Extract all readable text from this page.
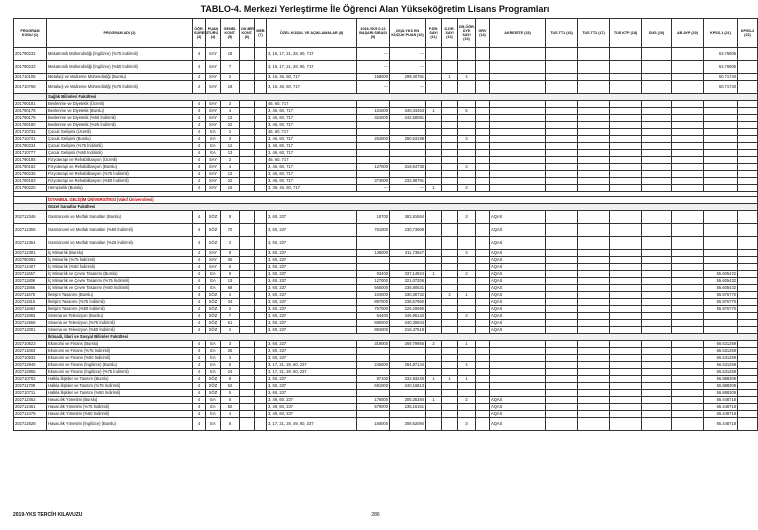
TABLO-4. Merkezi Yerleştirme İle Öğrenci Alan Yükseköğretim Lisans Programları
PROGRAM KODU (1)	PROGRAM ADI (2)	ÖĞR. SÜRESİ (3)	PUAN TÜRÜ (4)	GENEL KONT. (5)	OK.BİR. KONT. (6)	MEB (7)	ÖZEL KOŞUL VE AÇIKLAMALAR (8)	2018-YKS 0,12 BAŞARI SIRASI (9)	2018-YKS EN KÜÇÜK PUAN (10)	P.DR. SAYI (11)	D.DR. SAYI (12)	DR.ÖĞR. ÜYE SAYI (13)	GRV (14)	AKREDİTE (15)	TUS TT1 (16)	TUS TT2 (17)	TUS KTP (18)	DUS (19)	AB AYP (20)	KPSS-1 (21)	KPSS-2 (22)
201790232	Mekatronik Mühendisliği (İngilizce) (%75 İndirimli)	4	SAY	18			3, 16, 17, 21, 28, 60, 717	---	---											63.76805	
201790233	Mekatronik Mühendisliği (İngilizce) (%50 İndirimli)	4	SAY	7			3, 16, 17, 21, 28, 60, 717	---	---											63.76805	
201710105	Metalurji ve Malzeme Mühendisliği (Burslu)	4	SAY	2			3, 16, 46, 60, 717	158000	299,40781		1	4								60.71740	
201710768	Metalurji ve Malzeme Mühendisliği (%75 İndirimli)	4	SAY	18			3, 16, 46, 60, 717	---	---											60.71740	
	Sağlık Bilimleri Fakültesi																				
201790181	Beslenme ve Diyetetik (Ücretli)	4	SAY	2			46, 60, 717														
201790178	Beslenme ve Diyetetik (Burslu)	4	SAY	4			3, 46, 60, 717	101000	340,34453	1		5									
201790179	Beslenme ve Diyetetik (%50 İndirimli)	4	SAY	12			3, 46, 60, 717	324000	242,50081												
201790180	Beslenme ve Diyetetik (%25 İndirimli)	4	SAY	22			3, 46, 60, 717														
201710732	Çocuk Gelişimi (Ücretli)	4	EA	2			46, 60, 717														
201710741	Çocuk Gelişimi (Burslu)	4	EA	3			3, 46, 60, 717	264000	280,63198			3									
201790234	Çocuk Gelişimi (%75 İndirimli)	4	EA	12			3, 46, 60, 717														
201710777	Çocuk Gelişimi (%50 İndirimli)	4	EA	13			3, 46, 60, 717														
201790185	Fizyoterapi ve Rehabilitasyon (Ücretli)	4	SAY	2			46, 60, 717														
201790182	Fizyoterapi ve Rehabilitasyon (Burslu)	4	SAY	4			3, 46, 60, 717	127000	319,64730			3									
201790235	Fizyoterapi ve Rehabilitasyon (%75 İndirimli)	4	SAY	12			3, 46, 60, 717														
201790183	Fizyoterapi ve Rehabilitasyon (%50 İndirimli)	4	SAY	22			3, 46, 60, 717	373000	232,98791												
201790220	Hemşirelik (Burslu)	4	SAY	15			3, 38, 46, 60, 717	---	---	1		3									

	İSTANBUL GELİŞİM ÜNİVERSİTESİ (Vakıf Üniversitesi)																				
	Güzel Sanatlar Fakültesi																				
202712346	Gastronomi ve Mutfak Sanatları (Burslu)	4	SÖZ	8			3, 60, 237	18700	382,81864			3		AQAS							
202712355	Gastronomi ve Mutfak Sanatları (%50 İndirimli)	4	SÖZ	70			3, 60, 237	781000	230,73908					AQAS							
202712364	Gastronomi ve Mutfak Sanatları (%25 İndirimli)	4	SÖZ	2			3, 60, 237							AQAS							
202712391	İç Mimarlık (Burslu)	4	SAY	8			3, 60, 237	138000	311,73547			3		AQAS							
202790392	İç Mimarlık (%75 İndirimli)	4	SAY	30			3, 60, 237							AQAS							
202712407	İç Mimarlık (%50 İndirimli)	4	SAY	6			3, 60, 237							AQAS							
202711657	İç Mimarlık ve Çevre Tasarımı (Burslu)	4	EA	9			3, 60, 237	93400	337,14924	1		2		AQAS						55.605432	
202711806	İç Mimarlık ve Çevre Tasarımı (%75 İndirimli)	4	EA	13			3, 60, 237	127000	321,07206					AQAS						55.605432	
202711666	İç Mimarlık ve Çevre Tasarımı (%50 İndirimli)	4	EA	68			3, 60, 237	565000	236,80531					AQAS						55.605432	
202711675	İletişim Tasarımı (Burslu)	4	SÖZ	4			3, 60, 237	104000	330,36732		2	1		AQAS						55.976770	
202711815	İletişim Tasarımı (%75 İndirimli)	4	SÖZ	34			3, 60, 237	897000	238,67960					AQAS						55.976770	
202711684	İletişim Tasarımı (%50 İndirimli)	4	SÖZ	2			3, 60, 237	757000	229,20690					AQAS						55.976770	
202711993	Sinema ve Televizyon (Burslu)	4	SÖZ	7			3, 60, 237	64400	346,95142			3		AQAS							
202712655	Sinema ve Televizyon (%75 İndirimli)	4	SÖZ	61			3, 60, 237	680000	240,30844					AQAS							
202712001	Sinema ve Televizyon (%50 İndirimli)	4	SÖZ	2			3, 60, 237	884000	216,37518					AQAS							
	İktisadi, İdari ve Sosyal Bilimler Fakültesi																				
202710623	Ekonomi ve Finans (Burslu)	4	EA	3			3, 60, 237	319000	269,79956	2		1								66.631259	
202711693	Ekonomi ve Finans (%75 İndirimli)	4	EA	26			3, 60, 237													66.631259	
202710632	Ekonomi ve Finans (%50 İndirimli)	4	EA	3			3, 60, 237													66.631259	
202712946	Ekonomi ve Finans (İngilizce) (Burslu)	4	EA	6			3, 17, 21, 28, 60, 237	245000	284,87144			4								66.631259	
202712955	Ekonomi ve Finans (İngilizce) (%75 İndirimli)	4	EA	24			3, 17, 21, 28, 60, 237													66.631259	
202710702	Halkla İlişkiler ve Tanıtım (Burslu)	4	SÖZ	8			3, 60, 237	97100	332,93240	1	1	1								56.888309	
202711709	Halkla İlişkiler ve Tanıtım (%75 İndirimli)	4	SÖZ	62			3, 60, 237	681000	240,16813											56.888309	
202710711	Halkla İlişkiler ve Tanıtım (%50 İndirimli)	4	SÖZ	5			3, 60, 237													56.888309	
202712452	Havacılık Yönetimi (Burslu)	4	EA	6			3, 49, 60, 237	176000	305,35384	1		2		AQAS						65.448718	
202712461	Havacılık Yönetimi (%75 İndirimli)	4	EA	60			3, 49, 60, 237	579000	235,16161					AQAS						65.448718	
202712479	Havacılık Yönetimi (%50 İndirimli)	4	EA	4			3, 49, 60, 237							AQAS						65.448718	
202712628	Havacılık Yönetimi (İngilizce) (Burslu)	4	EA	6			3, 17, 21, 28, 49, 60, 237	160000	308,62094			3		AQAS						65.448718	
2019-YKS TERCİH KILAVUZU	286
